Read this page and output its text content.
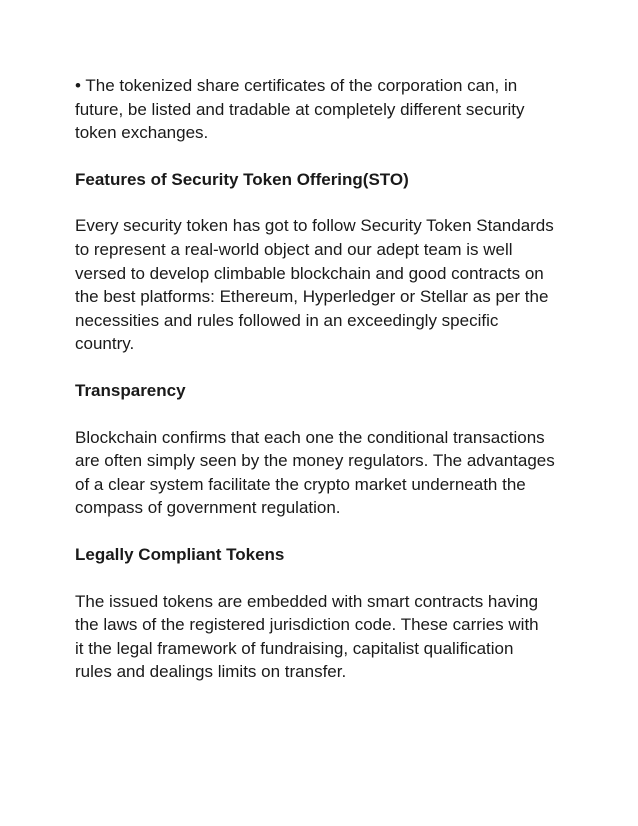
• The tokenized share certificates of the corporation can, in
future, be listed and tradable at completely different security
token exchanges.

Features of Security Token Offering(STO)

Every security token has got to follow Security Token Standards
to represent a real-world object and our adept team is well
versed to develop climbable blockchain and good contracts on
the best platforms: Ethereum, Hyperledger or Stellar as per the
necessities and rules followed in an exceedingly specific
country.

Transparency

Blockchain confirms that each one the conditional transactions
are often simply seen by the money regulators. The advantages
of a clear system facilitate the crypto market underneath the
compass of government regulation.

Legally Compliant Tokens

The issued tokens are embedded with smart contracts having
the laws of the registered jurisdiction code. These carries with
it the legal framework of fundraising, capitalist qualification
rules and dealings limits on transfer.
